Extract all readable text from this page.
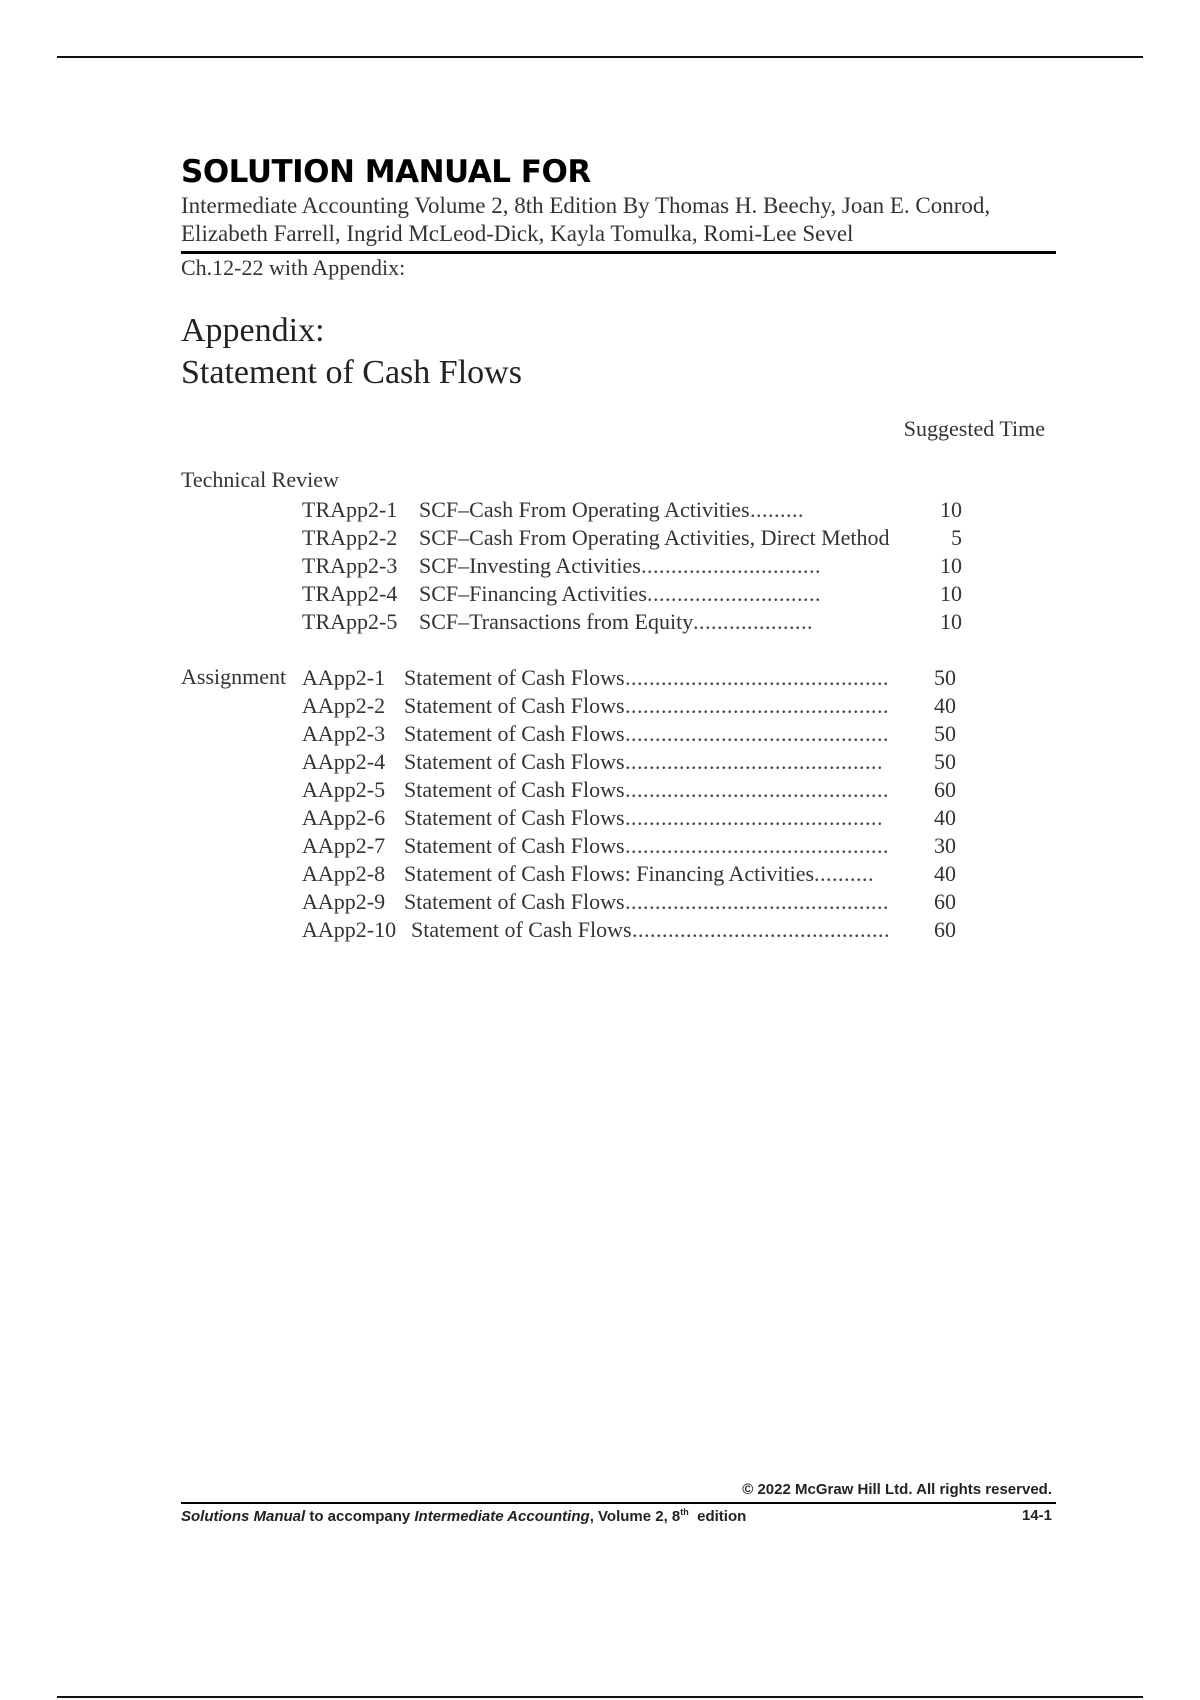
SOLUTION MANUAL FOR

Intermediate Accounting Volume 2, 8th Edition By Thomas H. Beechy, Joan E. Conrod, Elizabeth Farrell, Ingrid McLeod-Dick, Kayla Tomulka, Romi-Lee Sevel

Ch.12-22 with Appendix:

Appendix:
Statement of Cash Flows

Suggested Time

Technical Review
TRApp2-1 SCF–Cash From Operating Activities .........	10
TRApp2-2 SCF–Cash From Operating Activities, Direct Method	5
TRApp2-3 SCF–Investing Activities ..............................	10
TRApp2-4 SCF–Financing Activities .............................	10
TRApp2-5 SCF–Transactions from Equity ....................	10
Assignment AApp2-1 Statement of Cash Flows ............................................	50
AApp2-2 Statement of Cash Flows ............................................	40
AApp2-3 Statement of Cash Flows ............................................	50
AApp2-4 Statement of Cash Flows ...........................................	50
AApp2-5 Statement of Cash Flows ............................................	60
AApp2-6 Statement of Cash Flows ...........................................	40
AApp2-7 Statement of Cash Flows ............................................	30
AApp2-8 Statement of Cash Flows: Financing Activities ..........	40
AApp2-9 Statement of Cash Flows ............................................	60
AApp2-10 Statement of Cash Flows ...........................................	60

© 2022 McGraw Hill Ltd. All rights reserved.

Solutions Manual to accompany Intermediate Accounting, Volume 2, 8th  edition	14-1
